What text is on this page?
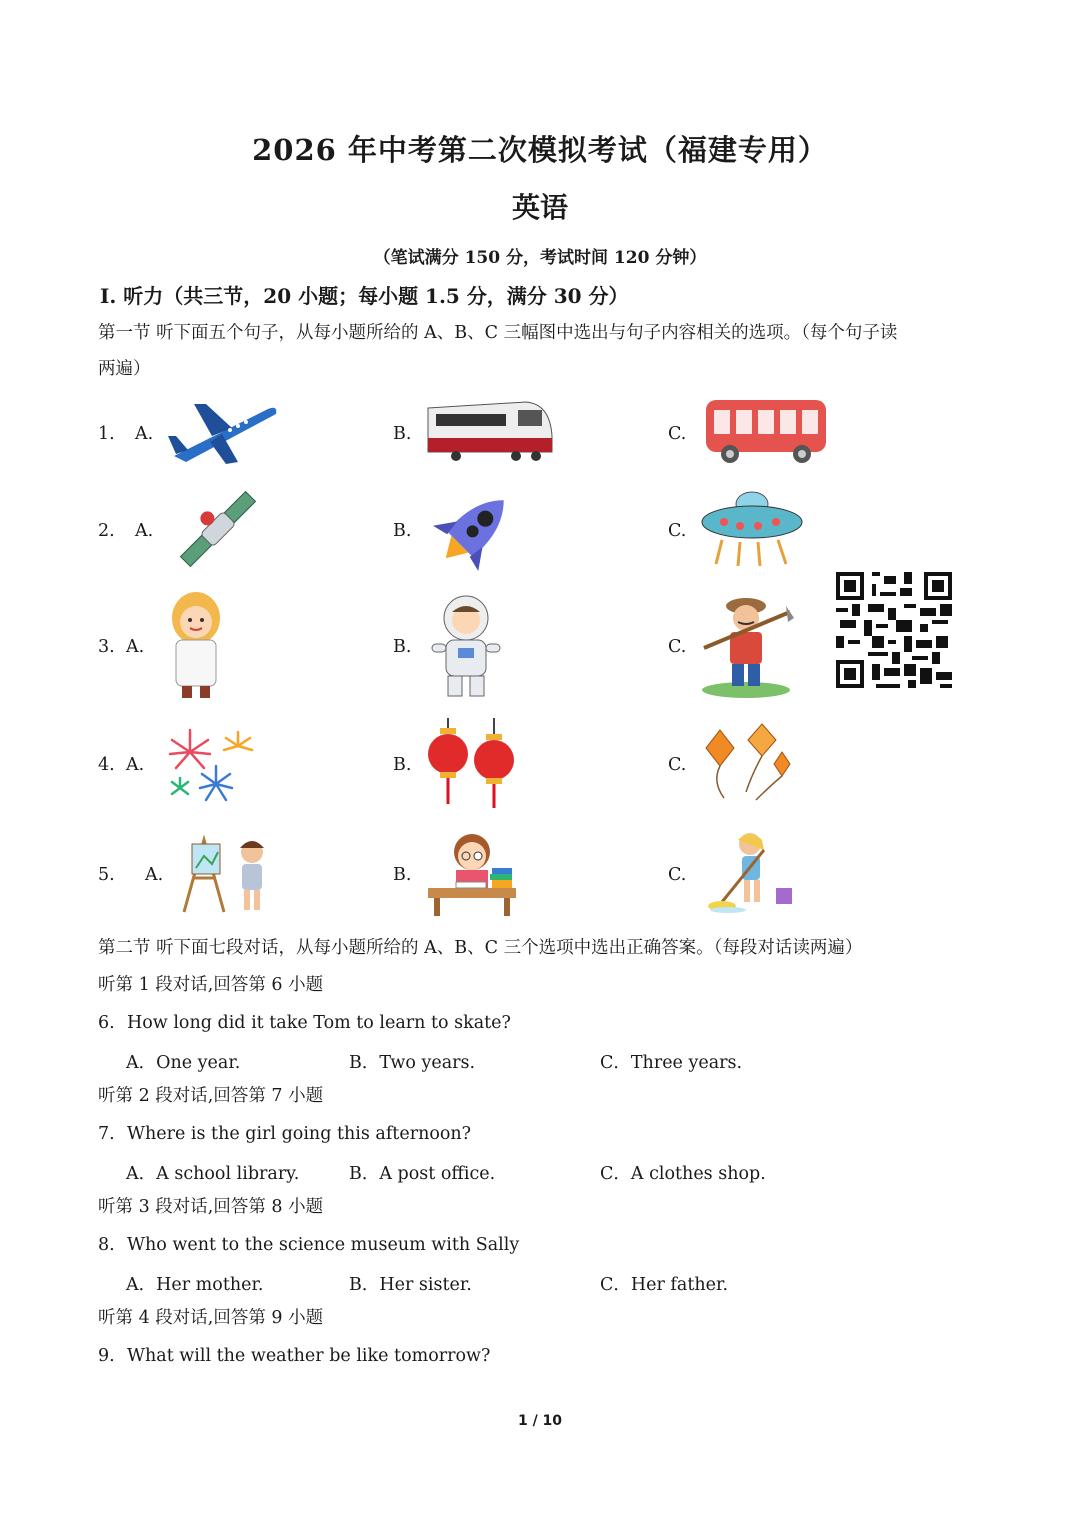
2026 年中考第二次模拟考试（福建专用）
英语
（笔试满分 150 分，考试时间 120 分钟）
Ⅰ. 听力（共三节，20 小题；每小题 1.5 分，满分 30 分）
第一节 听下面五个句子，从每小题所给的 A、B、C 三幅图中选出与句子内容相关的选项。（每个句子读
两遍）
1. A.	B.	C.
2. A.	B.	C.
3. A.	B.	C.
4. A.	B.	C.
5. A.	B.	C.
第二节 听下面七段对话，从每小题所给的 A、B、C 三个选项中选出正确答案。（每段对话读两遍）
听第 1 段对话,回答第 6 小题
6. How long did it take Tom to learn to skate?
A．One year.	B．Two years.	C．Three years.
听第 2 段对话,回答第 7 小题
7. Where is the girl going this afternoon?
A．A school library.	B．A post office.	C．A clothes shop.
听第 3 段对话,回答第 8 小题
8. Who went to the science museum with Sally
A．Her mother.	B．Her sister.	C．Her father.
听第 4 段对话,回答第 9 小题
9. What will the weather be like tomorrow?
1 / 10
